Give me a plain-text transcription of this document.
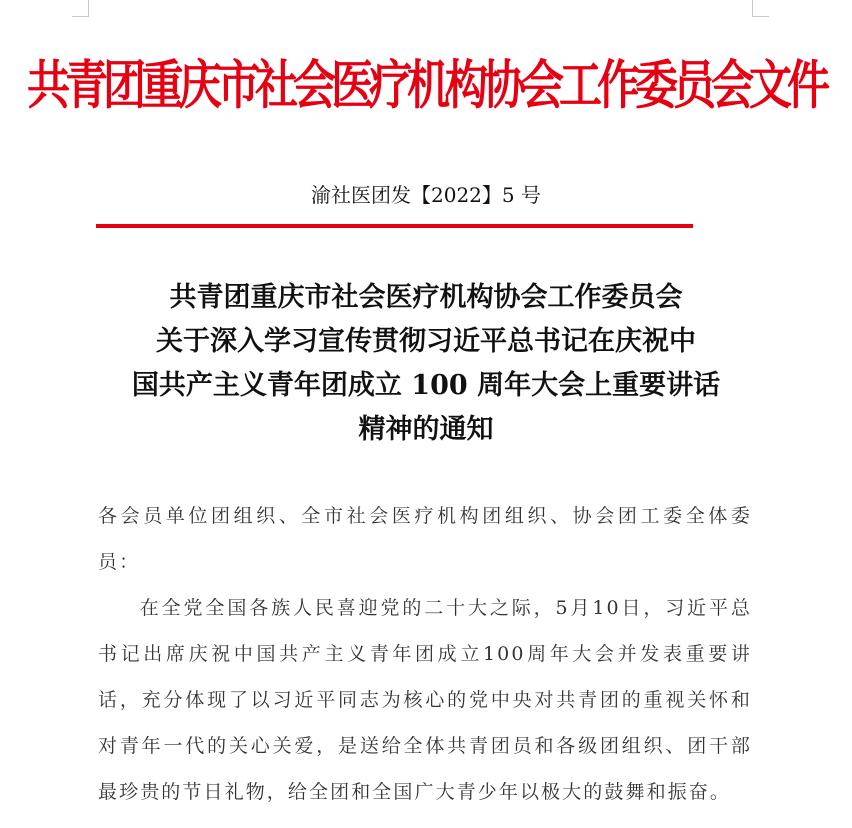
共青团重庆市社会医疗机构协会工作委员会文件
渝社医团发【2022】5 号
共青团重庆市社会医疗机构协会工作委员会
关于深入学习宣传贯彻习近平总书记在庆祝中
国共产主义青年团成立 100 周年大会上重要讲话
精神的通知

各会员单位团组织、全市社会医疗机构团组织、协会团工委全体委员：

在全党全国各族人民喜迎党的二十大之际，5月10日，习近平总书记出席庆祝中国共产主义青年团成立100周年大会并发表重要讲话，充分体现了以习近平同志为核心的党中央对共青团的重视关怀和对青年一代的关心关爱，是送给全体共青团员和各级团组织、团干部最珍贵的节日礼物，给全团和全国广大青少年以极大的鼓舞和振奋。
